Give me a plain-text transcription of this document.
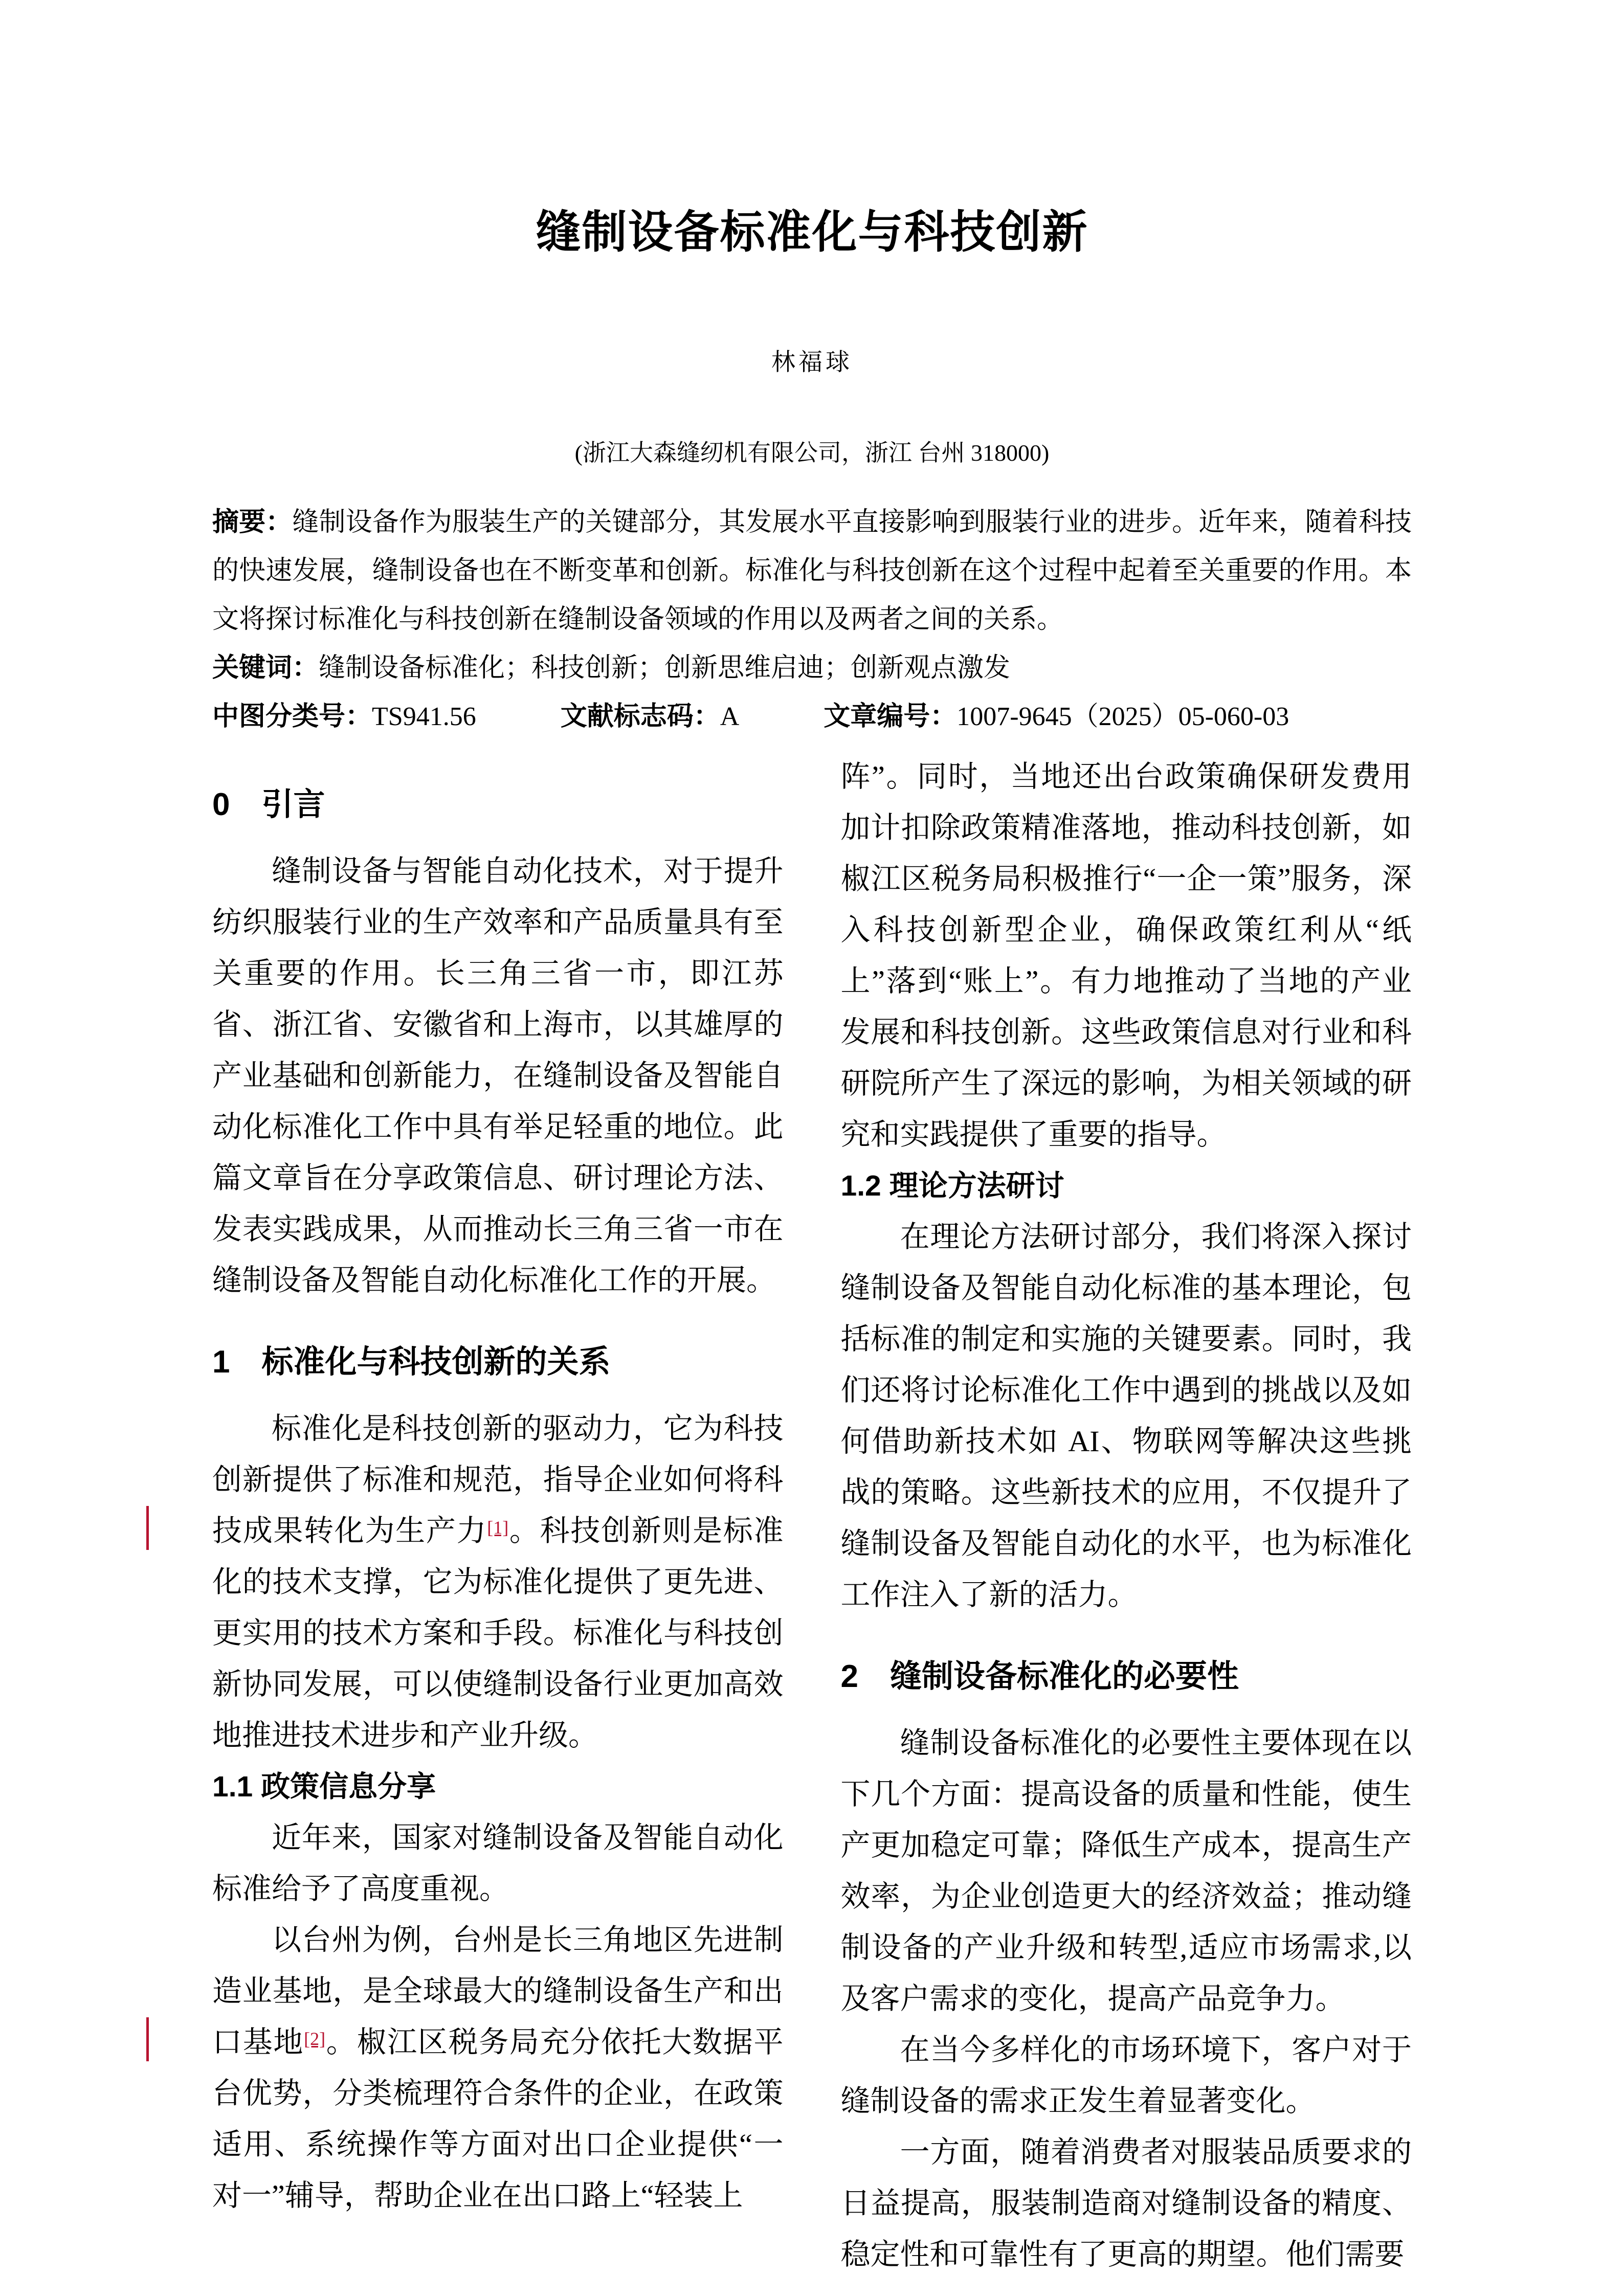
缝制设备标准化与科技创新
林福球
(浙江大森缝纫机有限公司，浙江 台州 318000)

摘要：缝制设备作为服装生产的关键部分，其发展水平直接影响到服装行业的进步。近年来，随着科技的快速发展，缝制设备也在不断变革和创新。标准化与科技创新在这个过程中起着至关重要的作用。本文将探讨标准化与科技创新在缝制设备领域的作用以及两者之间的关系。

关键词：缝制设备标准化；科技创新；创新思维启迪；创新观点激发

中图分类号：TS941.56	文献标志码：A	文章编号：1007-9645（2025）05-060-03
0　引言

缝制设备与智能自动化技术，对于提升纺织服装行业的生产效率和产品质量具有至关重要的作用。长三角三省一市，即江苏省、浙江省、安徽省和上海市，以其雄厚的产业基础和创新能力，在缝制设备及智能自动化标准化工作中具有举足轻重的地位。此篇文章旨在分享政策信息、研讨理论方法、发表实践成果，从而推动长三角三省一市在缝制设备及智能自动化标准化工作的开展。

1　标准化与科技创新的关系

标准化是科技创新的驱动力，它为科技创新提供了标准和规范，指导企业如何将科技成果转化为生产力[1]。科技创新则是标准化的技术支撑，它为标准化提供了更先进、更实用的技术方案和手段。标准化与科技创新协同发展，可以使缝制设备行业更加高效地推进技术进步和产业升级。

1.1 政策信息分享

近年来，国家对缝制设备及智能自动化标准给予了高度重视。

以台州为例，台州是长三角地区先进制造业基地，是全球最大的缝制设备生产和出口基地[2]。椒江区税务局充分依托大数据平台优势，分类梳理符合条件的企业，在政策适用、系统操作等方面对出口企业提供“一对一”辅导，帮助企业在出口路上“轻装上

阵”。同时，当地还出台政策确保研发费用加计扣除政策精准落地，推动科技创新，如椒江区税务局积极推行“一企一策”服务，深入科技创新型企业，确保政策红利从“纸上”落到“账上”。有力地推动了当地的产业发展和科技创新。这些政策信息对行业和科研院所产生了深远的影响，为相关领域的研究和实践提供了重要的指导。

1.2 理论方法研讨

在理论方法研讨部分，我们将深入探讨缝制设备及智能自动化标准的基本理论，包括标准的制定和实施的关键要素。同时，我们还将讨论标准化工作中遇到的挑战以及如何借助新技术如 AI、物联网等解决这些挑战的策略。这些新技术的应用，不仅提升了缝制设备及智能自动化的水平，也为标准化工作注入了新的活力。

2　缝制设备标准化的必要性

缝制设备标准化的必要性主要体现在以下几个方面：提高设备的质量和性能，使生产更加稳定可靠；降低生产成本，提高生产效率，为企业创造更大的经济效益；推动缝制设备的产业升级和转型,适应市场需求,以及客户需求的变化，提高产品竞争力。

在当今多样化的市场环境下，客户对于缝制设备的需求正发生着显著变化。

一方面，随着消费者对服装品质要求的日益提高，服装制造商对缝制设备的精度、稳定性和可靠性有了更高的期望。他们需要
